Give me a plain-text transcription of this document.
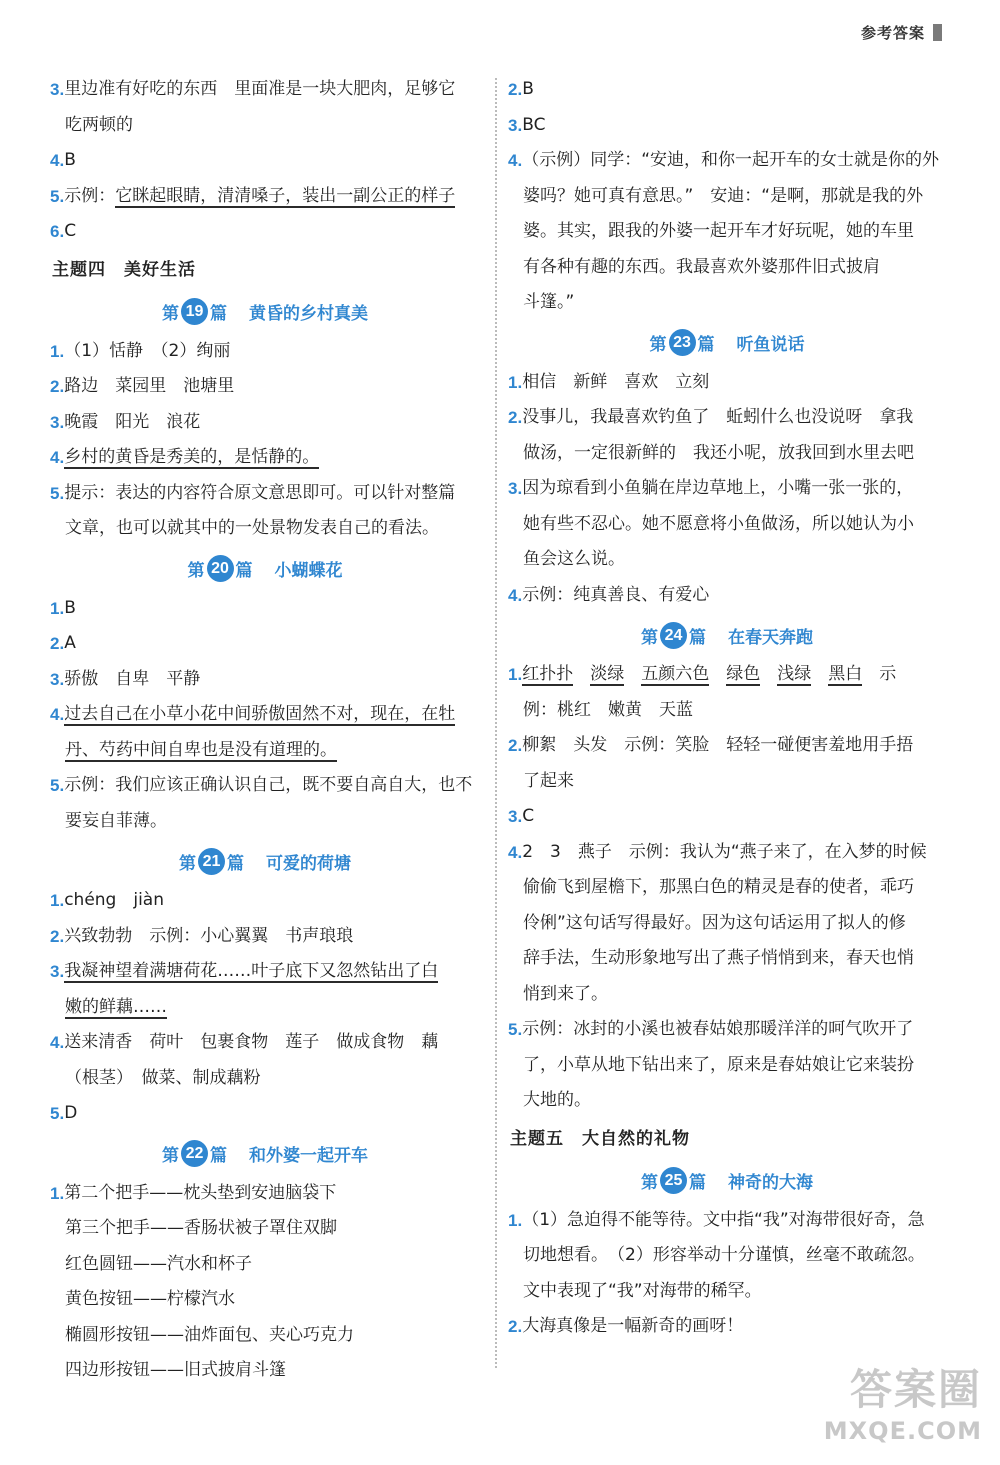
参考答案
3 . 里边准有好吃的东西　里面准是一块大肥肉，足够它
吃两顿的
4 . B
5 . 示例：它眯起眼睛，清清嗓子，装出一副公正的样子
6 . C
主题四　美好生活
第 19 篇 黄昏的乡村真美
1 . （1）恬静　（2）绚丽
2 . 路边　菜园里　池塘里
3 . 晚霞　阳光　浪花
4 . 乡村的黄昏是秀美的，是恬静的。
5 . 提示：表达的内容符合原文意思即可。可以针对整篇
文章，也可以就其中的一处景物发表自己的看法。
第 20 篇 小蝴蝶花
1 . B
2 . A
3 . 骄傲　自卑　平静
4 . 过去自己在小草小花中间骄傲固然不对，现在，在牡
丹、芍药中间自卑也是没有道理的。
5 . 示例：我们应该正确认识自己，既不要自高自大，也不
要妄自菲薄。
第 21 篇 可爱的荷塘
1 . chéng　jiàn
2 . 兴致勃勃　示例：小心翼翼　书声琅琅
3 . 我凝神望着满塘荷花……叶子底下又忽然钻出了白
嫩的鲜藕……
4 . 送来清香　荷叶　包裹食物　莲子　做成食物　藕
（根茎）　做菜、制成藕粉
5 . D
第 22 篇 和外婆一起开车
1 . 第二个把手——枕头垫到安迪脑袋下
第三个把手——香肠状被子罩住双脚
红色圆钮——汽水和杯子
黄色按钮——柠檬汽水
椭圆形按钮——油炸面包、夹心巧克力
四边形按钮——旧式披肩斗篷
2 . B
3 . BC
4 . （示例）同学：“安迪，和你一起开车的女士就是你的外
婆吗？她可真有意思。”　安迪：“是啊，那就是我的外
婆。其实，跟我的外婆一起开车才好玩呢，她的车里
有各种有趣的东西。我最喜欢外婆那件旧式披肩
斗篷。”
第 23 篇 听鱼说话
1 . 相信　新鲜　喜欢　立刻
2 . 没事儿，我最喜欢钓鱼了　蚯蚓什么也没说呀　拿我
做汤，一定很新鲜的　我还小呢，放我回到水里去吧
3 . 因为琼看到小鱼躺在岸边草地上，小嘴一张一张的，
她有些不忍心。她不愿意将小鱼做汤，所以她认为小
鱼会这么说。
4 . 示例：纯真善良、有爱心
第 24 篇 在春天奔跑
1 . 红扑扑　 淡绿　 五颜六色　 绿色　 浅绿　 黑白　 示
例：桃红　嫩黄　天蓝
2 . 柳絮　头发　示例：笑脸　轻轻一碰便害羞地用手捂
了起来
3 . C
4 . 2　3　燕子　示例：我认为“燕子来了，在入梦的时候
偷偷飞到屋檐下，那黑白色的精灵是春的使者，乖巧
伶俐”这句话写得最好。因为这句话运用了拟人的修
辞手法，生动形象地写出了燕子悄悄到来，春天也悄
悄到来了。
5 . 示例：冰封的小溪也被春姑娘那暖洋洋的呵气吹开了
了，小草从地下钻出来了，原来是春姑娘让它来装扮
大地的。
主题五　大自然的礼物
第 25 篇 神奇的大海
1 . （1）急迫得不能等待。文中指“我”对海带很好奇，急
切地想看。　（2）形容举动十分谨慎，丝毫不敢疏忽。
文中表现了“我”对海带的稀罕。
2 . 大海真像是一幅新奇的画呀！
答案圈
MXQE.COM
